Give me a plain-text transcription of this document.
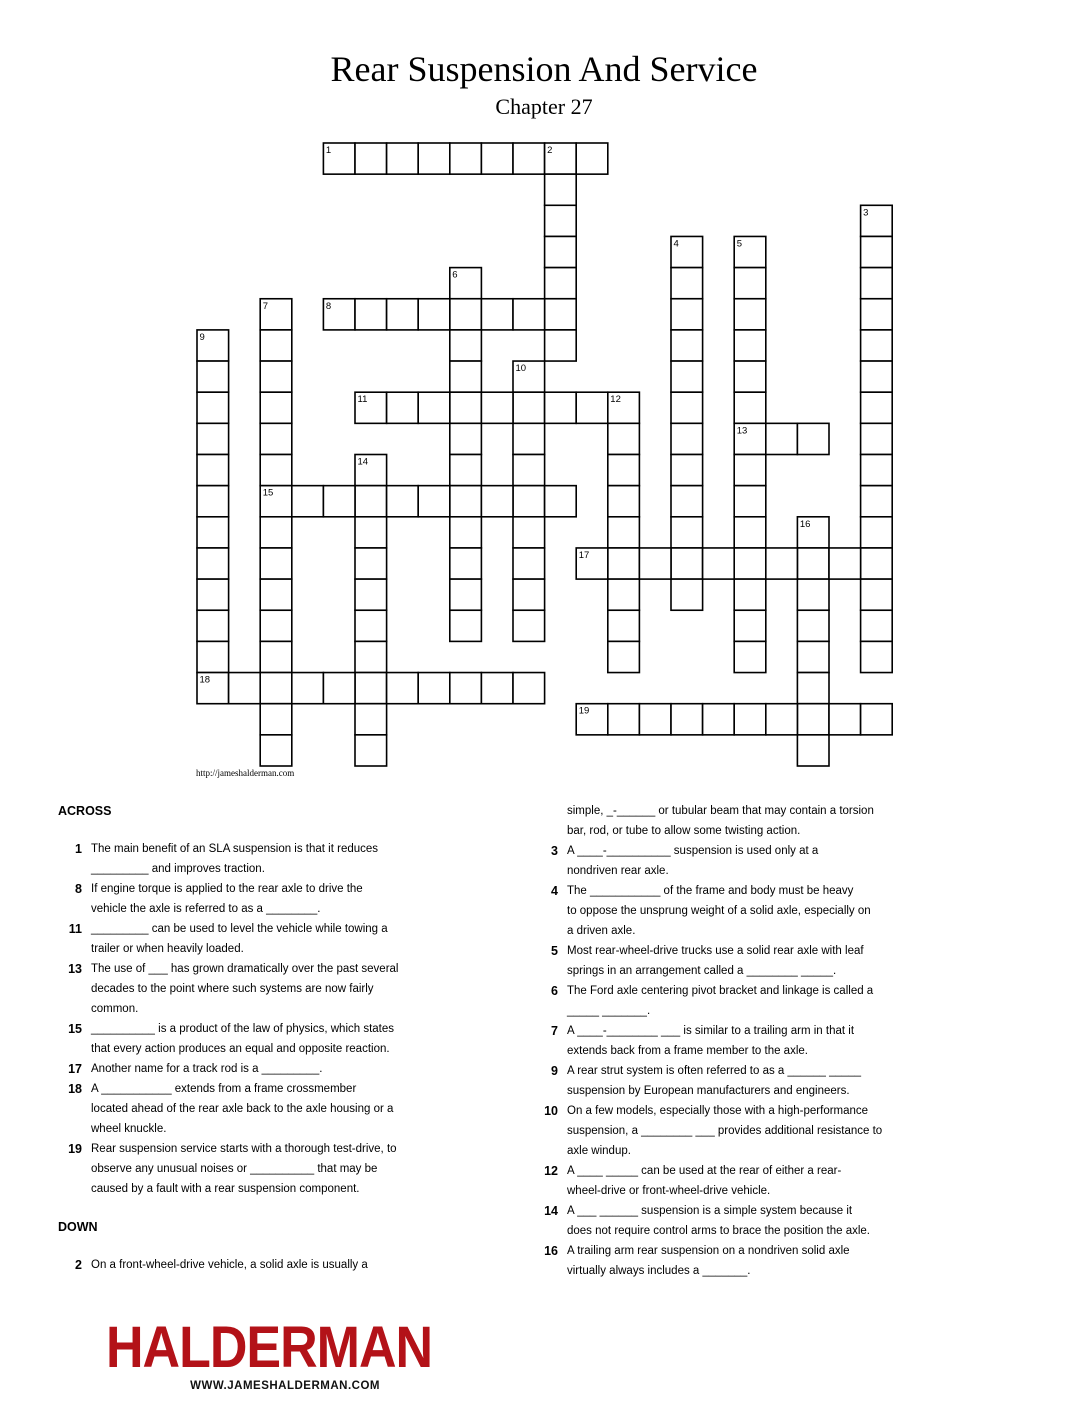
Rear Suspension And Service
Chapter 27
1	2
3
4	5
6
7	8
9
10
11	12
13
14
15
16
17
18
19
http://jameshalderman.com
ACROSS
1 The main benefit of an SLA suspension is that it reduces
_________ and improves traction.
8 If engine torque is applied to the rear axle to drive the
vehicle the axle is referred to as a ________.
11 _________ can be used to level the vehicle while towing a
trailer or when heavily loaded.
13 The use of ___ has grown dramatically over the past several
decades to the point where such systems are now fairly
common.
15 __________ is a product of the law of physics, which states
that every action produces an equal and opposite reaction.
17 Another name for a track rod is a _________.
18 A ___________ extends from a frame crossmember
located ahead of the rear axle back to the axle housing or a
wheel knuckle.
19 Rear suspension service starts with a thorough test-drive, to
observe any unusual noises or __________ that may be
caused by a fault with a rear suspension component.
DOWN
2 On a front-wheel-drive vehicle, a solid axle is usually a
simple, _-______ or tubular beam that may contain a torsion
bar, rod, or tube to allow some twisting action.
3 A ____-__________ suspension is used only at a
nondriven rear axle.
4 The ___________ of the frame and body must be heavy
to oppose the unsprung weight of a solid axle, especially on
a driven axle.
5 Most rear-wheel-drive trucks use a solid rear axle with leaf
springs in an arrangement called a ________ _____.
6 The Ford axle centering pivot bracket and linkage is called a
_____ _______.
7 A ____-________ ___ is similar to a trailing arm in that it
extends back from a frame member to the axle.
9 A rear strut system is often referred to as a ______ _____
suspension by European manufacturers and engineers.
10 On a few models, especially those with a high-performance
suspension, a ________ ___ provides additional resistance to
axle windup.
12 A ____ _____ can be used at the rear of either a rear-
wheel-drive or front-wheel-drive vehicle.
14 A ___ ______ suspension is a simple system because it
does not require control arms to brace the position the axle.
16 A trailing arm rear suspension on a nondriven solid axle
virtually always includes a _______.
HALDERMAN
WWW.JAMESHALDERMAN.COM
